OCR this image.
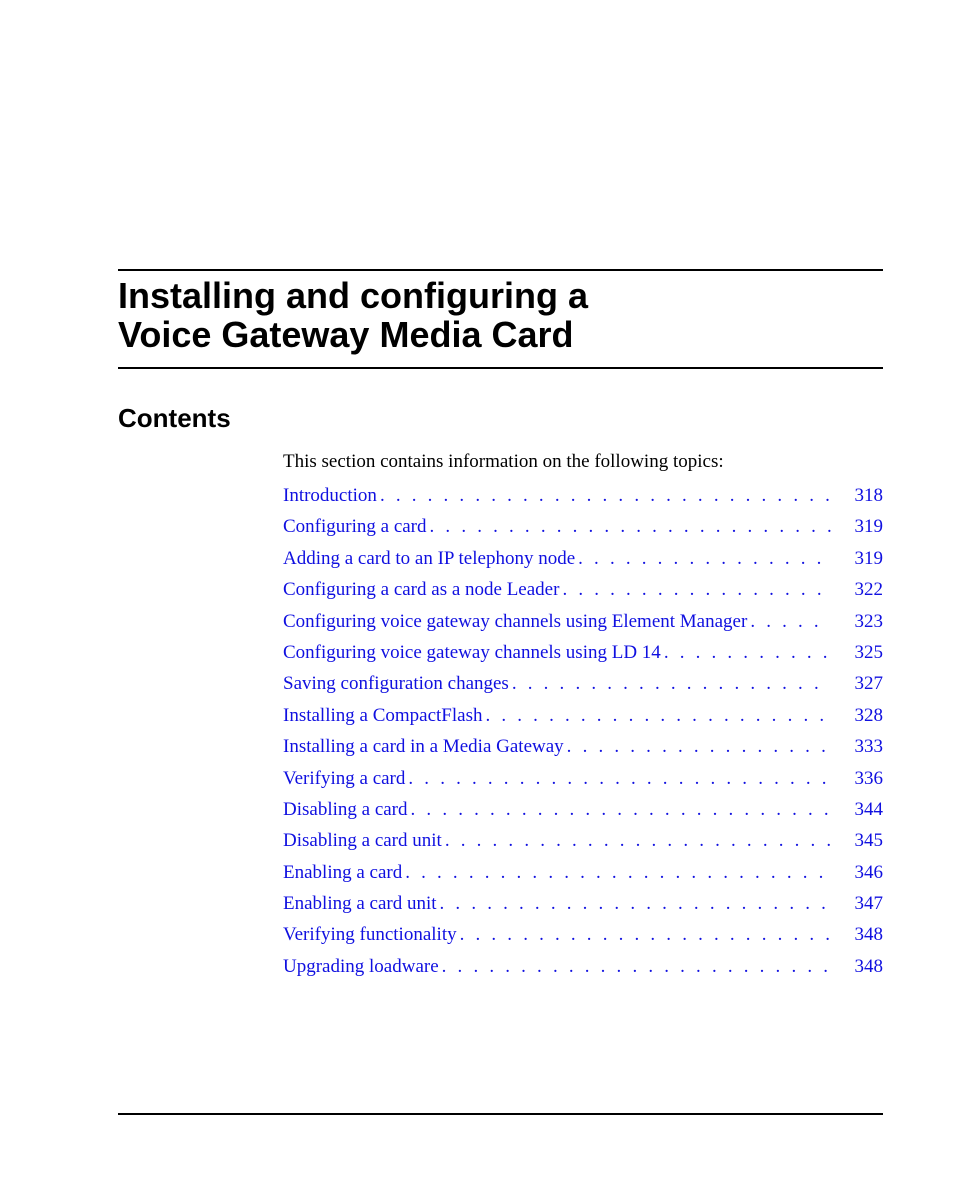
Installing and configuring a
Voice Gateway Media Card
Contents

This section contains information on the following topics:

Introduction . . .	318
Configuring a card . . .	319
Adding a card to an IP telephony node . . .	319
Configuring a card as a node Leader . . .	322
Configuring voice gateway channels using Element Manager . . .	323
Configuring voice gateway channels using LD 14 . . .	325
Saving configuration changes . . .	327
Installing a CompactFlash . . .	328
Installing a card in a Media Gateway . . .	333
Verifying a card . . .	336
Disabling a card . . .	344
Disabling a card unit . . .	345
Enabling a card . . .	346
Enabling a card unit . . .	347
Verifying functionality . . .	348
Upgrading loadware . . .	348
